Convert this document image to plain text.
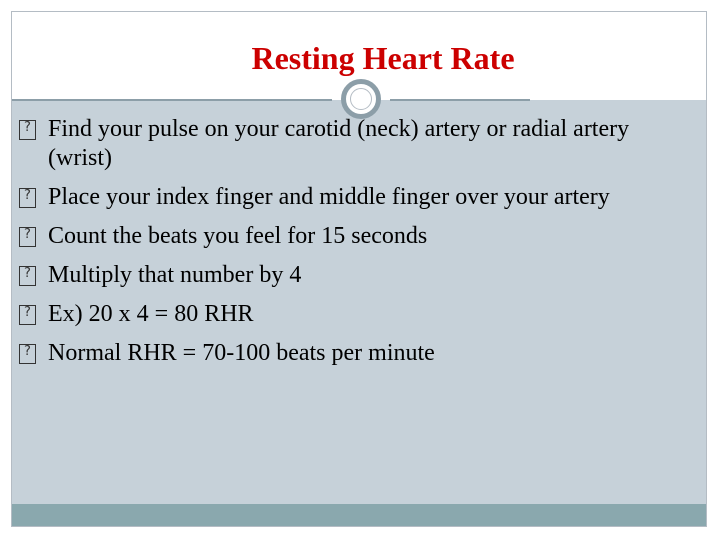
Resting Heart Rate
?
Find your pulse on your carotid (neck) artery or radial artery (wrist)
?
Place your index finger and middle finger over your artery
?
Count the beats you feel for 15 seconds
?
Multiply that number by 4
?
Ex) 20 x 4 = 80 RHR
?
Normal RHR = 70-100 beats per minute
